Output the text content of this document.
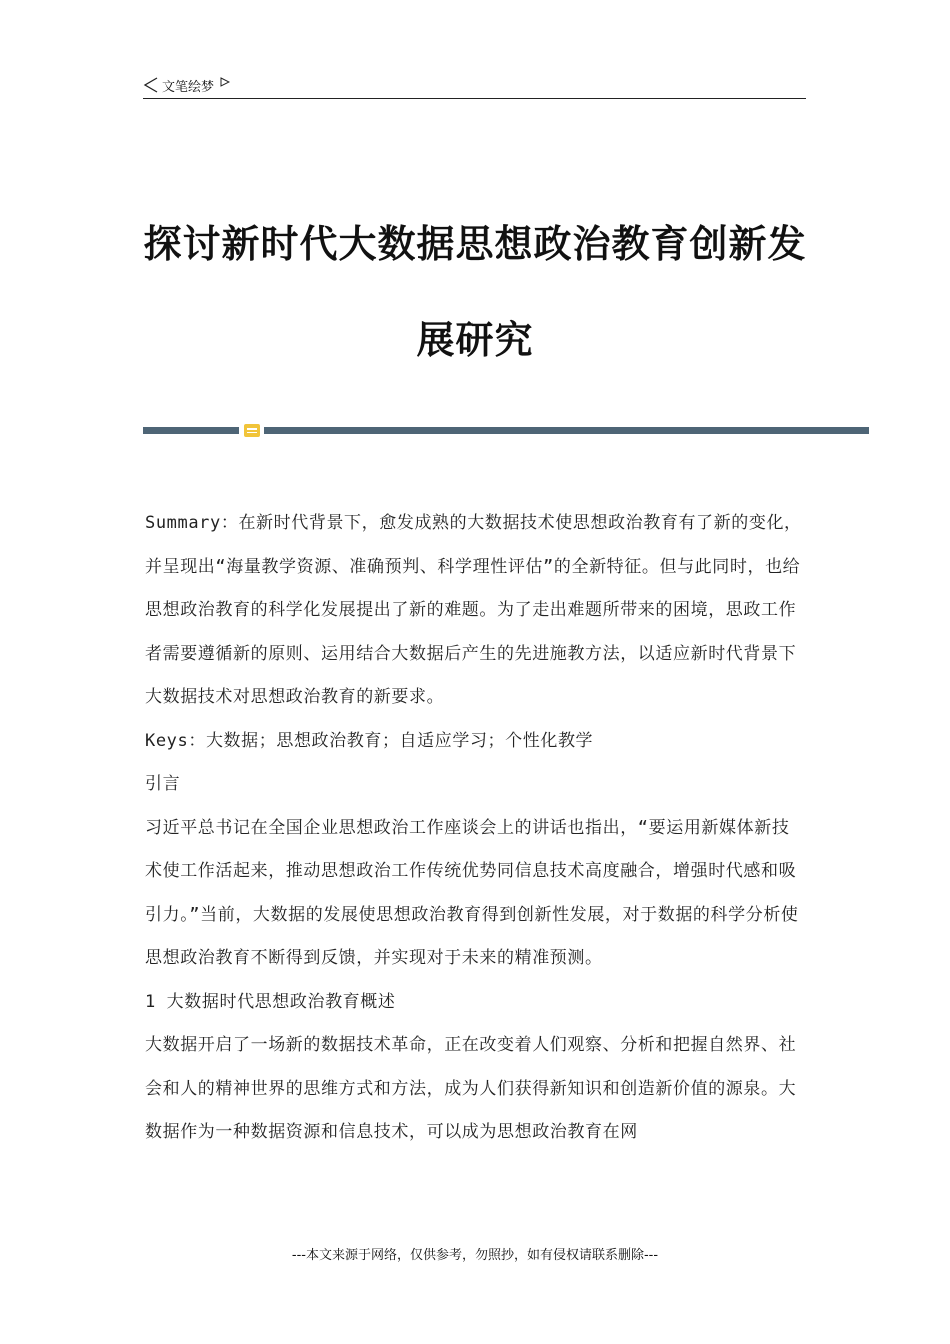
文笔绘梦
探讨新时代大数据思想政治教育创新发
展研究

Summary：在新时代背景下，愈发成熟的大数据技术使思想政治教育有了新的变化，并呈现出“海量教学资源、准确预判、科学理性评估”的全新特征。但与此同时，也给思想政治教育的科学化发展提出了新的难题。为了走出难题所带来的困境，思政工作者需要遵循新的原则、运用结合大数据后产生的先进施教方法，以适应新时代背景下大数据技术对思想政治教育的新要求。

Keys：大数据；思想政治教育；自适应学习；个性化教学

引言

习近平总书记在全国企业思想政治工作座谈会上的讲话也指出，“要运用新媒体新技术使工作活起来，推动思想政治工作传统优势同信息技术高度融合，增强时代感和吸引力。”当前，大数据的发展使思想政治教育得到创新性发展，对于数据的科学分析使思想政治教育不断得到反馈，并实现对于未来的精准预测。

1 大数据时代思想政治教育概述

大数据开启了一场新的数据技术革命，正在改变着人们观察、分析和把握自然界、社会和人的精神世界的思维方式和方法，成为人们获得新知识和创造新价值的源泉。大数据作为一种数据资源和信息技术，可以成为思想政治教育在网

---本文来源于网络，仅供参考，勿照抄，如有侵权请联系删除---
